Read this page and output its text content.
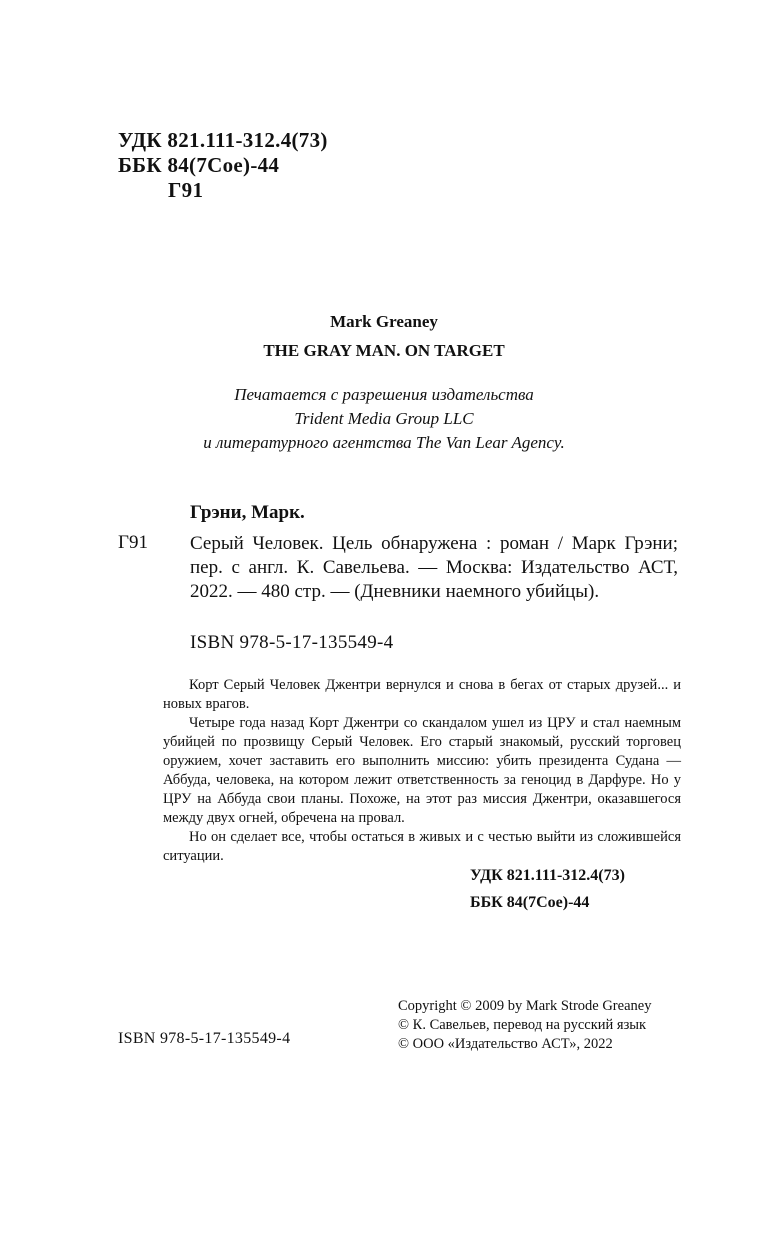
УДК 821.111-312.4(73)
ББК 84(7Сое)-44
Г91
Mark Greaney
THE GRAY MAN. ON TARGET
Печатается с разрешения издательства
Trident Media Group LLC
и литературного агентства The Van Lear Agency.
Грэни, Марк.
Г91 Серый Человек. Цель обнаружена : роман / Марк Грэни; пер. с англ. К. Савельева. — Москва: Издательство АСТ, 2022. — 480 стр. — (Дневники наемного убийцы).
ISBN 978-5-17-135549-4

Корт Серый Человек Джентри вернулся и снова в бегах от старых друзей... и новых врагов.

Четыре года назад Корт Джентри со скандалом ушел из ЦРУ и стал наемным убийцей по прозвищу Серый Человек. Его старый знакомый, русский торговец оружием, хочет заставить его выполнить миссию: убить президента Судана — Аббуда, человека, на котором лежит ответственность за геноцид в Дарфуре. Но у ЦРУ на Аббуда свои планы. Похоже, на этот раз миссия Джентри, оказавшегося между двух огней, обречена на провал.

Но он сделает все, чтобы остаться в живых и с честью выйти из сложившейся ситуации.

УДК 821.111-312.4(73)
ББК 84(7Сое)-44
Copyright © 2009 by Mark Strode Greaney
© К. Савельев, перевод на русский язык
© ООО «Издательство АСТ», 2022
ISBN 978-5-17-135549-4
